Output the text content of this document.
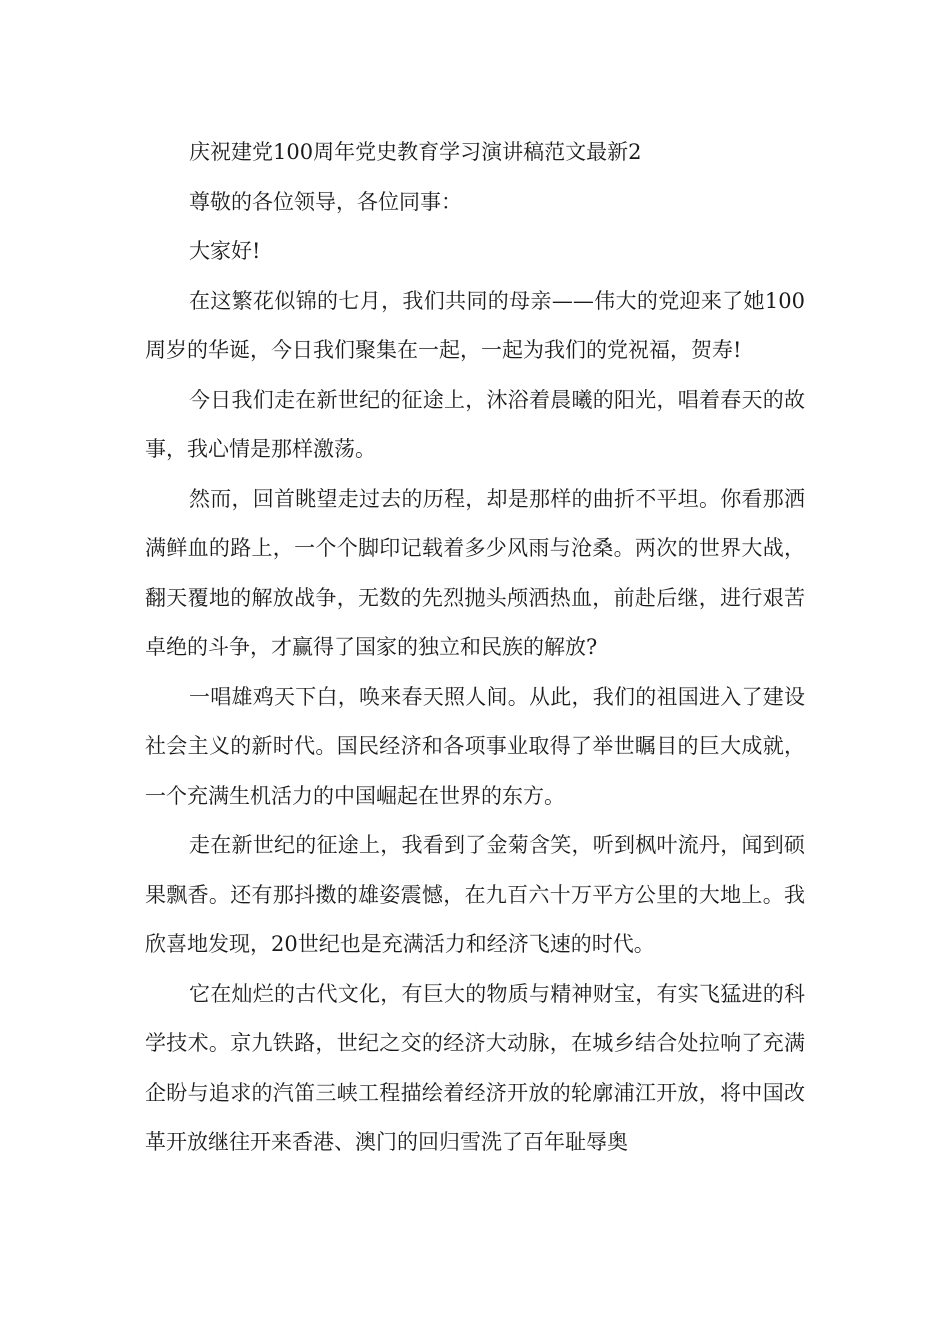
庆祝建党100周年党史教育学习演讲稿范文最新2

尊敬的各位领导，各位同事：

大家好!

在这繁花似锦的七月，我们共同的母亲——伟大的党迎来了她100周岁的华诞，今日我们聚集在一起，一起为我们的党祝福，贺寿!

今日我们走在新世纪的征途上，沐浴着晨曦的阳光，唱着春天的故事，我心情是那样激荡。

然而，回首眺望走过去的历程，却是那样的曲折不平坦。你看那洒满鲜血的路上，一个个脚印记载着多少风雨与沧桑。两次的世界大战，翻天覆地的解放战争，无数的先烈抛头颅洒热血，前赴后继，进行艰苦卓绝的斗争，才赢得了国家的独立和民族的解放?

一唱雄鸡天下白，唤来春天照人间。从此，我们的祖国进入了建设社会主义的新时代。国民经济和各项事业取得了举世瞩目的巨大成就，一个充满生机活力的中国崛起在世界的东方。

走在新世纪的征途上，我看到了金菊含笑，听到枫叶流丹，闻到硕果飘香。还有那抖擞的雄姿震憾，在九百六十万平方公里的大地上。我欣喜地发现，20世纪也是充满活力和经济飞速的时代。

它在灿烂的古代文化，有巨大的物质与精神财宝，有实飞猛进的科学技术。京九铁路，世纪之交的经济大动脉，在城乡结合处拉响了充满企盼与追求的汽笛三峡工程描绘着经济开放的轮廓浦江开放，将中国改革开放继往开来香港、澳门的回归雪洗了百年耻辱奥
